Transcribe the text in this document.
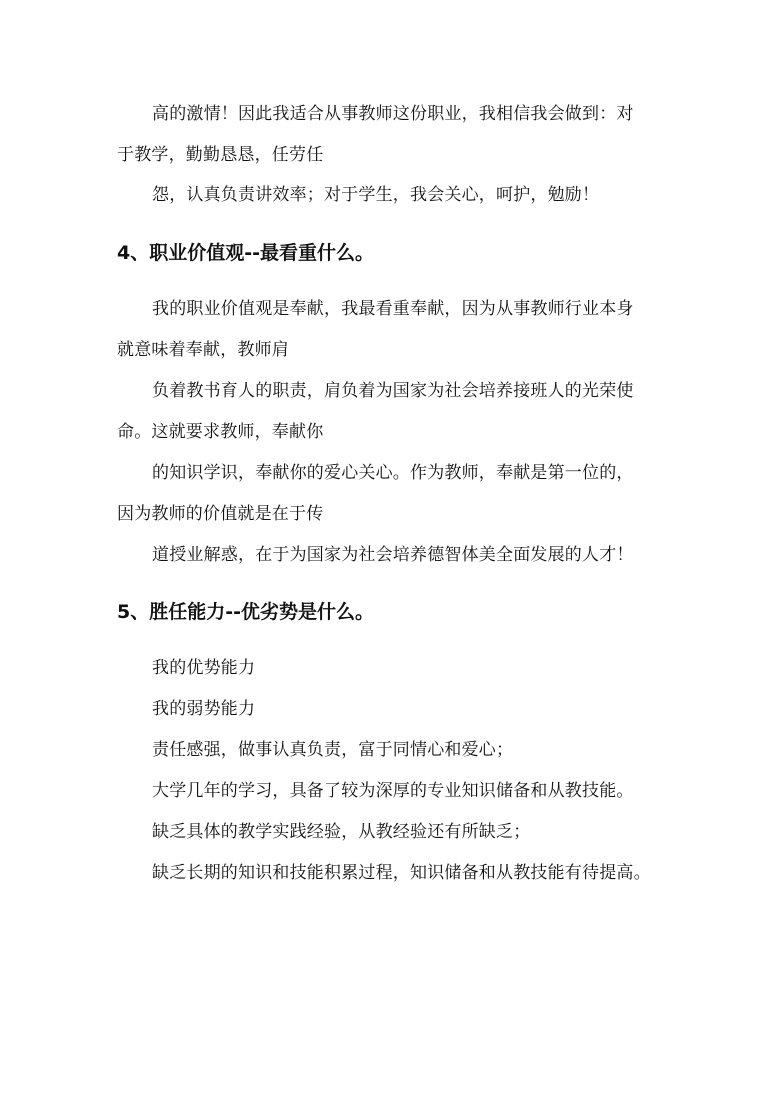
高的激情！因此我适合从事教师这份职业，我相信我会做到：对
于教学，勤勤恳恳，任劳任
怨，认真负责讲效率；对于学生，我会关心，呵护，勉励！
4、职业价值观--最看重什么。
我的职业价值观是奉献，我最看重奉献，因为从事教师行业本身
就意味着奉献，教师肩
负着教书育人的职责，肩负着为国家为社会培养接班人的光荣使
命。这就要求教师，奉献你
的知识学识，奉献你的爱心关心。作为教师，奉献是第一位的，
因为教师的价值就是在于传
道授业解惑，在于为国家为社会培养德智体美全面发展的人才！
5、胜任能力--优劣势是什么。
我的优势能力
我的弱势能力
责任感强，做事认真负责，富于同情心和爱心；
大学几年的学习，具备了较为深厚的专业知识储备和从教技能。
缺乏具体的教学实践经验，从教经验还有所缺乏；
缺乏长期的知识和技能积累过程，知识储备和从教技能有待提高。
